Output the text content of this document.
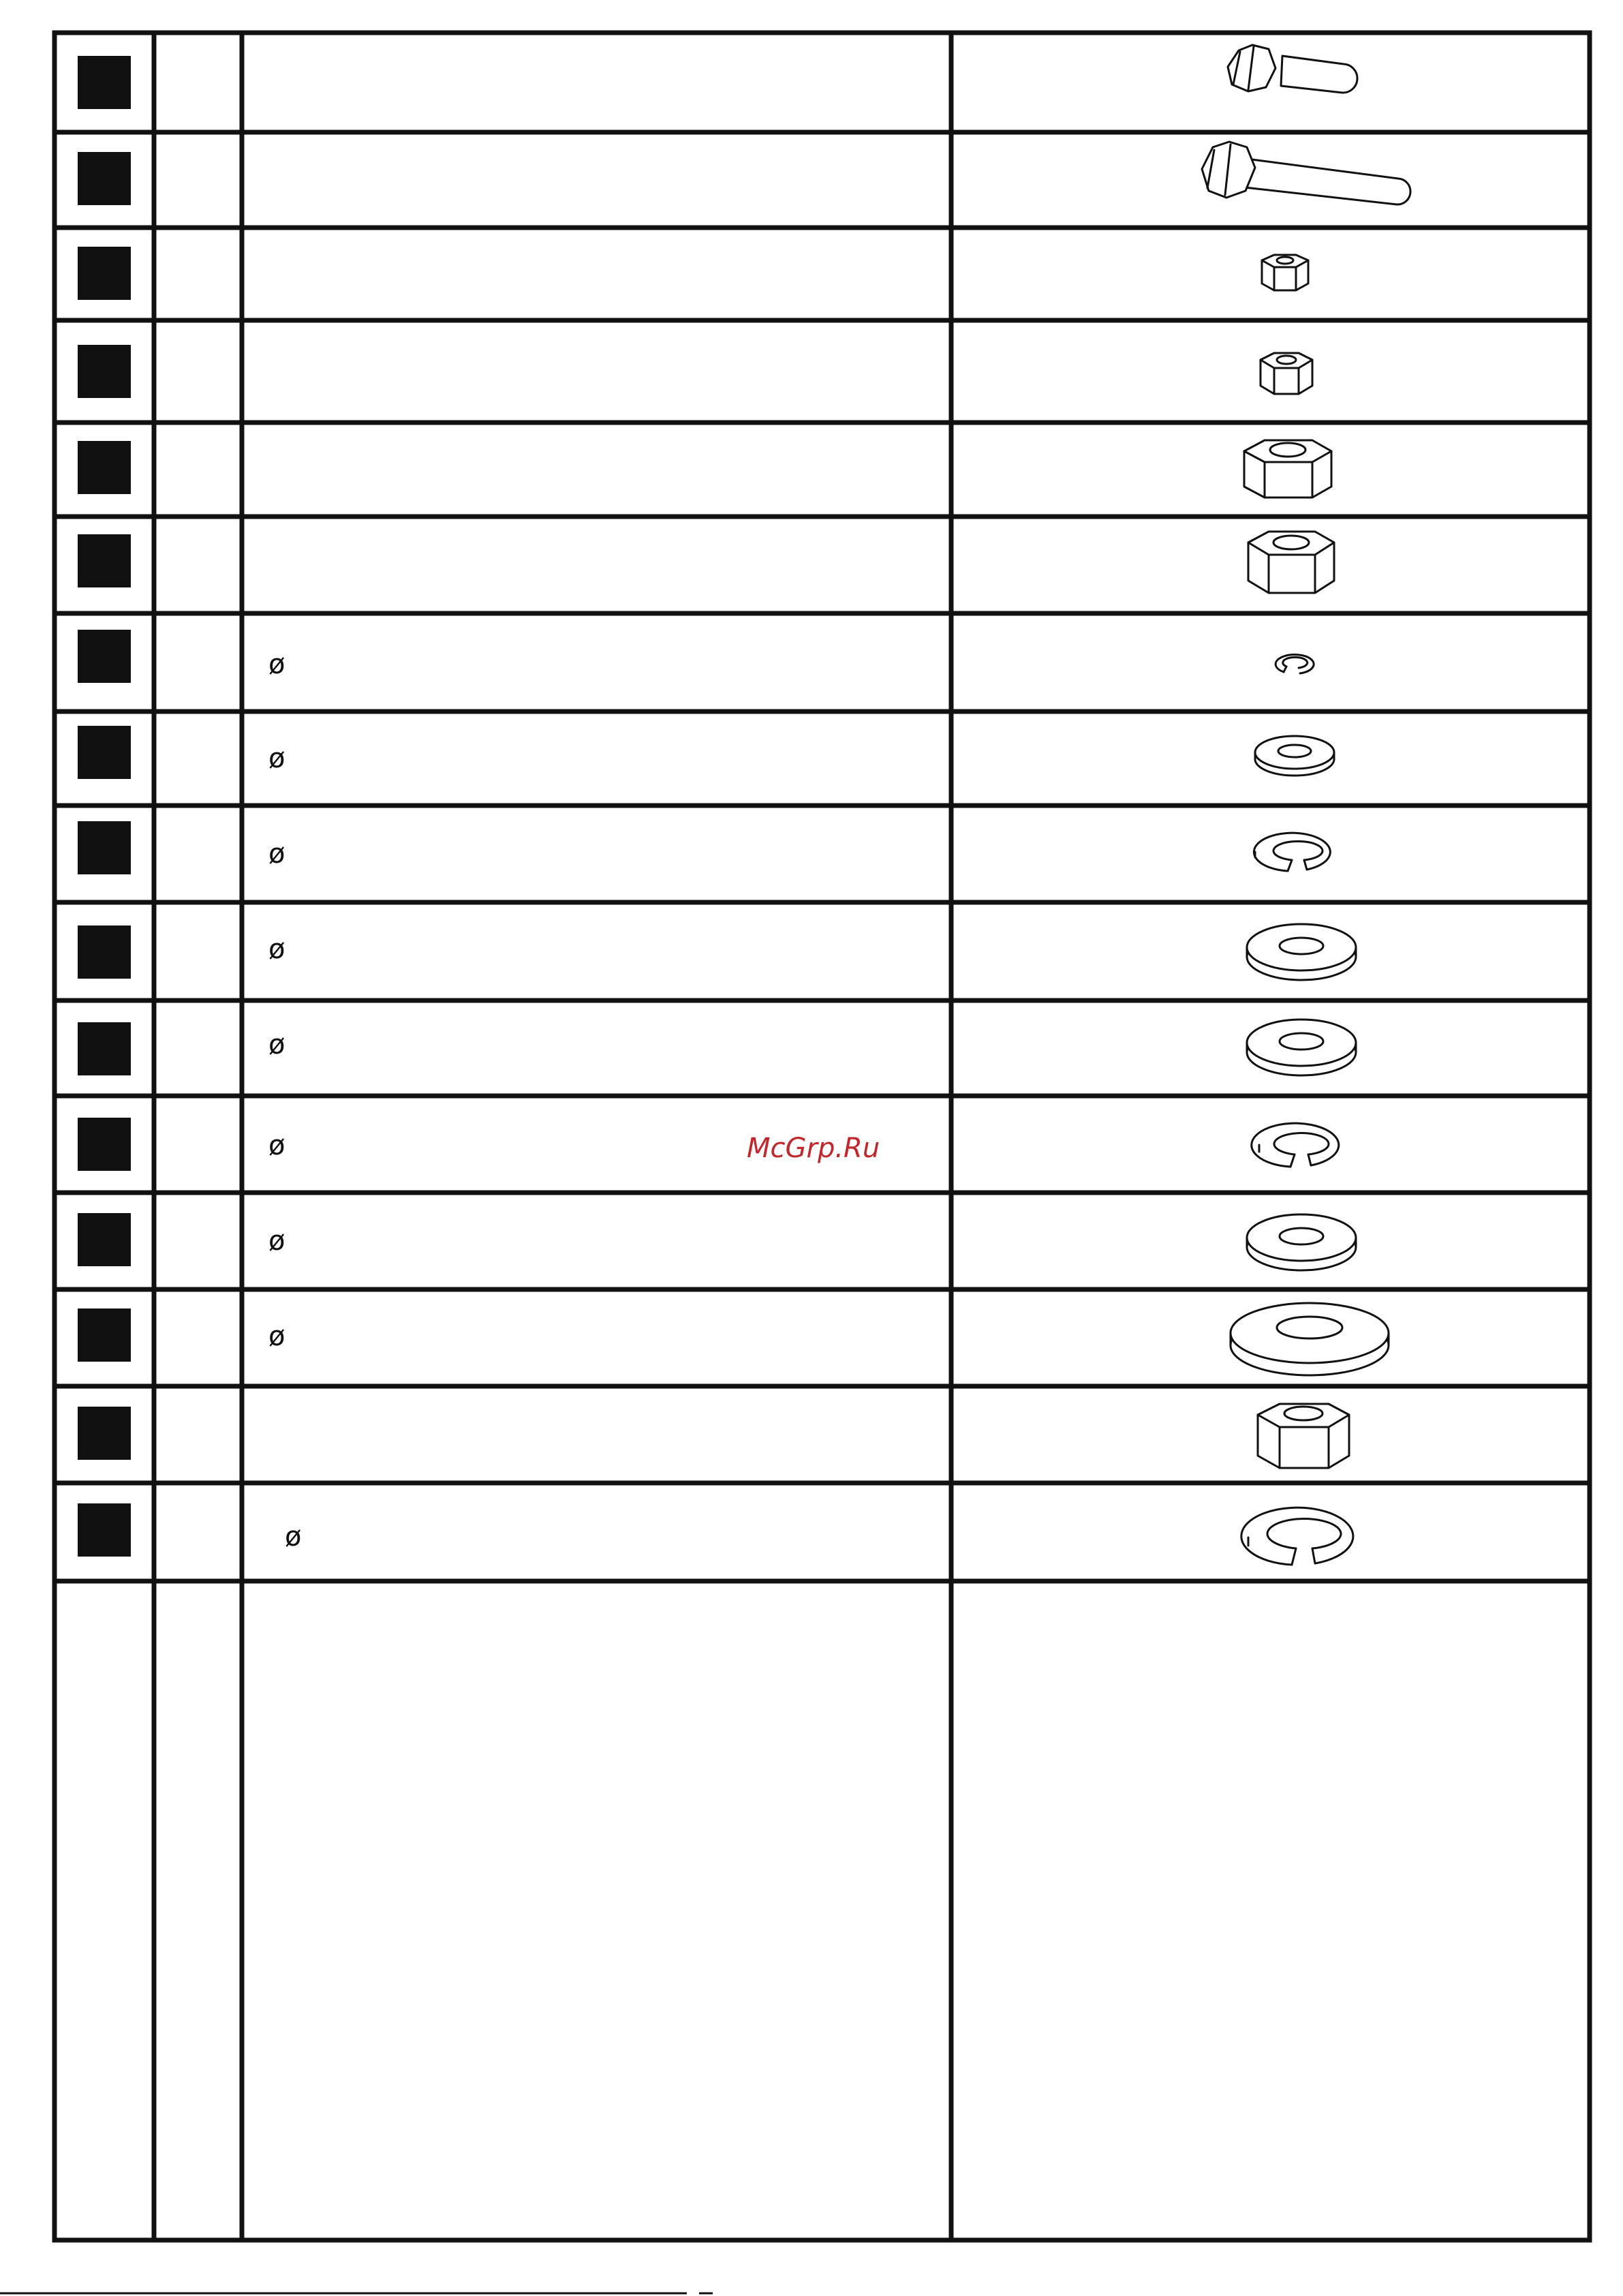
ø
ø
ø
ø
ø
ø
ø
ø
ø
McGrp.Ru
